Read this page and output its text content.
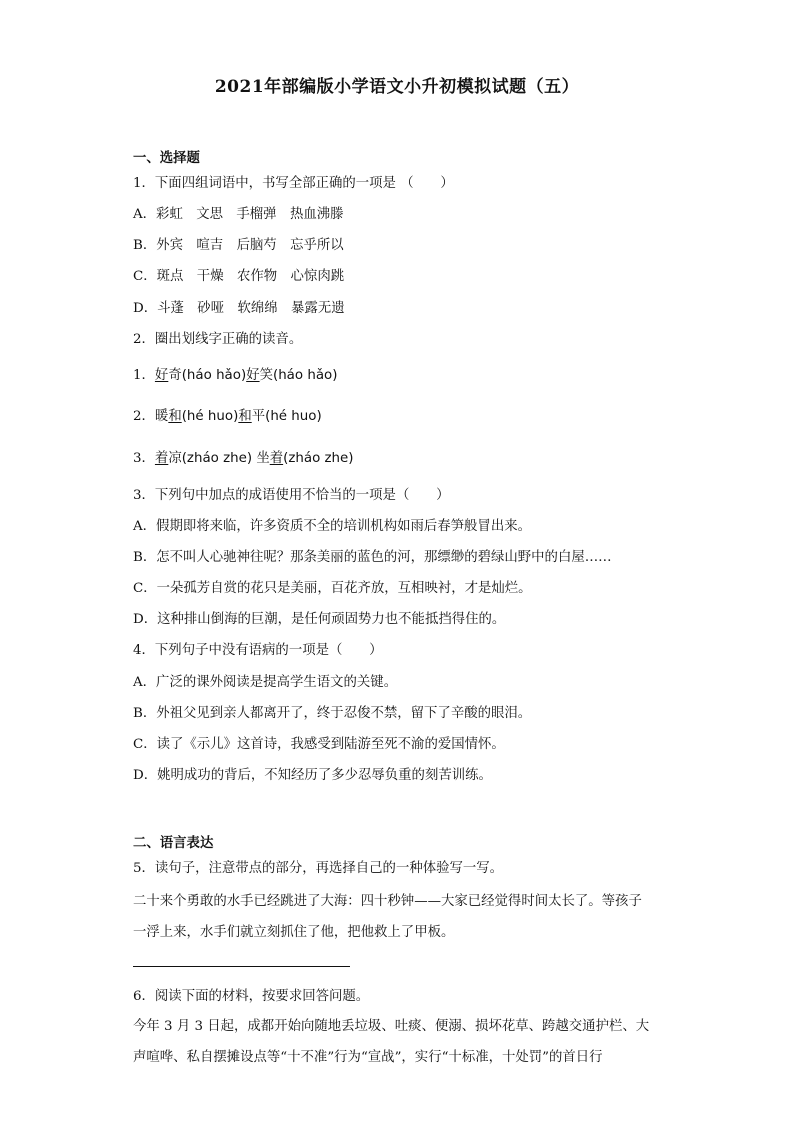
2021年部编版小学语文小升初模拟试题（五）
一、选择题
1．下面四组词语中，书写全部正确的一项是 （　　）
A．彩虹　文思　手榴弹　热血沸滕
B．外宾　喧吉　后脑芍　忘乎所以
C．斑点　干燥　农作物　心惊肉跳
D．斗蓬　砂哑　软绵绵　暴露无遗
2．圈出划线字正确的读音。
1．好奇(háo hǎo)好笑(háo hǎo)
2．暖和(hé huo)和平(hé huo)
3．着凉(zháo zhe) 坐着(zháo zhe)
3．下列句中加点的成语使用不恰当的一项是（　　）
A．假期即将来临，许多资质不全的培训机构如雨后春笋般冒出来。
B．怎不叫人心驰神往呢？那条美丽的蓝色的河，那缥缈的碧绿山野中的白屋……
C．一朵孤芳自赏的花只是美丽，百花齐放，互相映衬，才是灿烂。
D．这种排山倒海的巨潮，是任何顽固势力也不能抵挡得住的。
4．下列句子中没有语病的一项是（　　）
A．广泛的课外阅读是提高学生语文的关键。
B．外祖父见到亲人都离开了，终于忍俊不禁，留下了辛酸的眼泪。
C．读了《示儿》这首诗，我感受到陆游至死不渝的爱国情怀。
D．姚明成功的背后，不知经历了多少忍辱负重的刻苦训练。
二、语言表达
5．读句子，注意带点的部分，再选择自己的一种体验写一写。
二十来个勇敢的水手已经跳进了大海：四十秒钟——大家已经觉得时间太长了。等孩子
一浮上来，水手们就立刻抓住了他，把他救上了甲板。
6．阅读下面的材料，按要求回答问题。
今年 3 月 3 日起，成都开始向随地丢垃圾、吐痰、便溺、损坏花草、跨越交通护栏、大
声喧哗、私自摆摊设点等“十不准”行为“宣战”，实行“十标准，十处罚”的首日行
